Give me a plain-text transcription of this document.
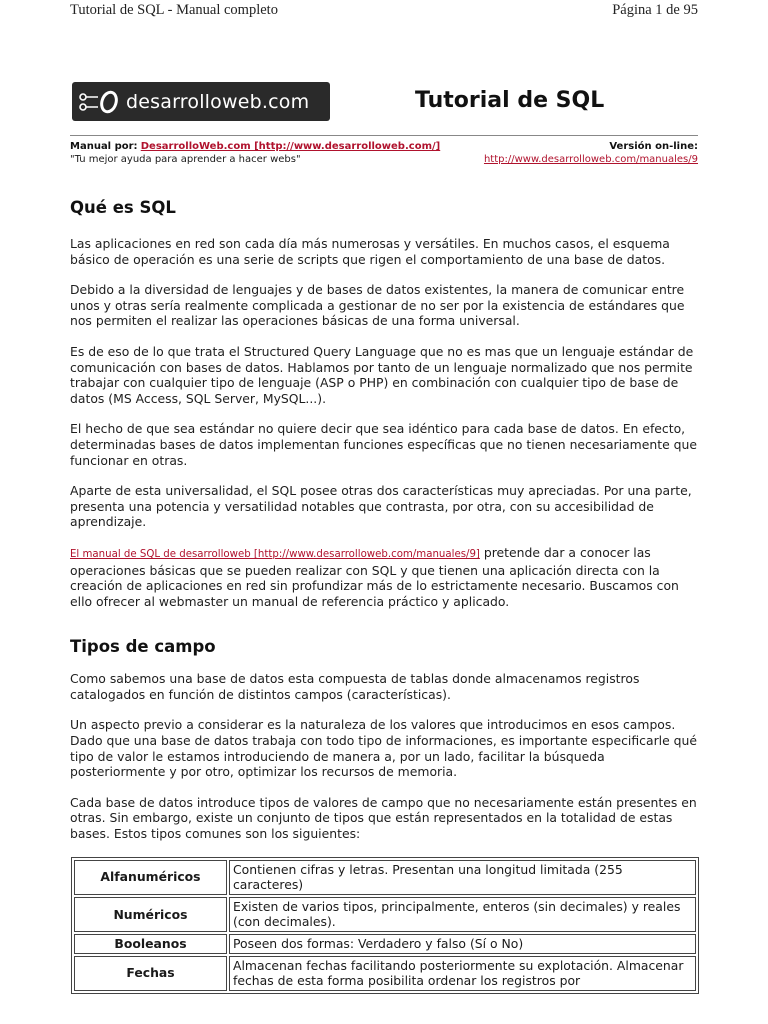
Tutorial de SQL - Manual completo	Página 1 de 95
desarrolloweb.com	Tutorial de SQL
Manual por: DesarrolloWeb.com [http://www.desarrolloweb.com/]
"Tu mejor ayuda para aprender a hacer webs"
Versión on-line:
http://www.desarrolloweb.com/manuales/9
Qué es SQL

Las aplicaciones en red son cada día más numerosas y versátiles. En muchos casos, el esquema básico de operación es una serie de scripts que rigen el comportamiento de una base de datos.

Debido a la diversidad de lenguajes y de bases de datos existentes, la manera de comunicar entre unos y otras sería realmente complicada a gestionar de no ser por la existencia de estándares que nos permiten el realizar las operaciones básicas de una forma universal.

Es de eso de lo que trata el Structured Query Language que no es mas que un lenguaje estándar de comunicación con bases de datos. Hablamos por tanto de un lenguaje normalizado que nos permite trabajar con cualquier tipo de lenguaje (ASP o PHP) en combinación con cualquier tipo de base de datos (MS Access, SQL Server, MySQL...).

El hecho de que sea estándar no quiere decir que sea idéntico para cada base de datos. En efecto, determinadas bases de datos implementan funciones específicas que no tienen necesariamente que funcionar en otras.

Aparte de esta universalidad, el SQL posee otras dos características muy apreciadas. Por una parte, presenta una potencia y versatilidad notables que contrasta, por otra, con su accesibilidad de aprendizaje.

El manual de SQL de desarrolloweb [http://www.desarrolloweb.com/manuales/9] pretende dar a conocer las operaciones básicas que se pueden realizar con SQL y que tienen una aplicación directa con la creación de aplicaciones en red sin profundizar más de lo estrictamente necesario. Buscamos con ello ofrecer al webmaster un manual de referencia práctico y aplicado.

Tipos de campo

Como sabemos una base de datos esta compuesta de tablas donde almacenamos registros catalogados en función de distintos campos (características).

Un aspecto previo a considerar es la naturaleza de los valores que introducimos en esos campos. Dado que una base de datos trabaja con todo tipo de informaciones, es importante especificarle qué tipo de valor le estamos introduciendo de manera a, por un lado, facilitar la búsqueda posteriormente y por otro, optimizar los recursos de memoria.

Cada base de datos introduce tipos de valores de campo que no necesariamente están presentes en otras. Sin embargo, existe un conjunto de tipos que están representados en la totalidad de estas bases. Estos tipos comunes son los siguientes:

Alfanuméricos	Contienen cifras y letras. Presentan una longitud limitada (255 caracteres)
Numéricos	Existen de varios tipos, principalmente, enteros (sin decimales) y reales (con decimales).
Booleanos	Poseen dos formas: Verdadero y falso (Sí o No)
Fechas	Almacenan fechas facilitando posteriormente su explotación. Almacenar fechas de esta forma posibilita ordenar los registros por
